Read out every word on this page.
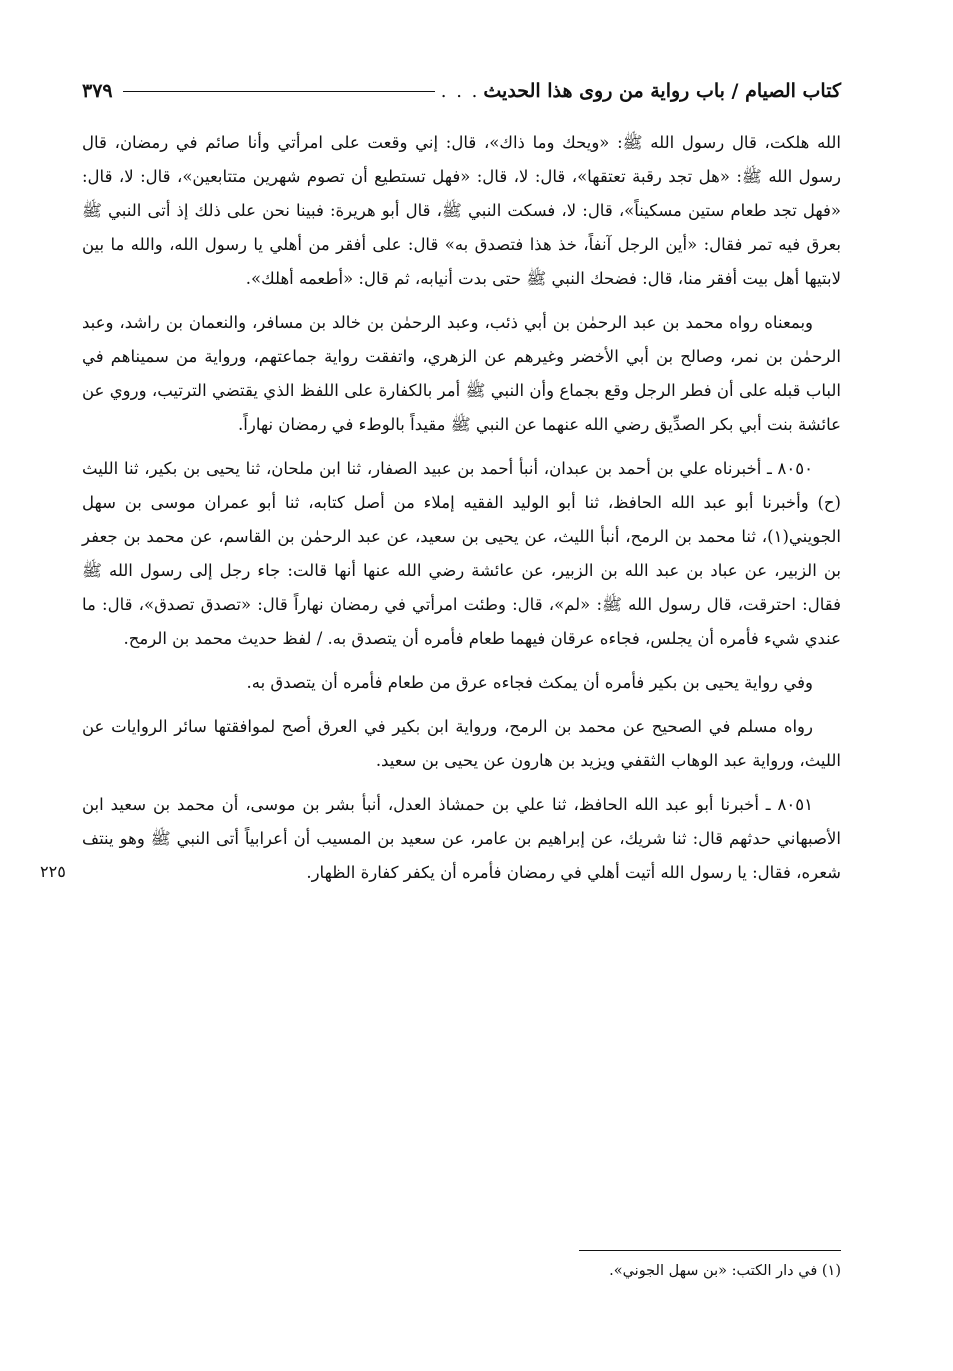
كتاب الصيام / باب رواية من روى هذا الحديث
. . .
٣٧٩

الله هلكت، قال رسول الله ﷺ: «ويحك وما ذاك»، قال: إني وقعت على امرأتي وأنا صائم في رمضان، قال رسول الله ﷺ: «هل تجد رقبة تعتقها»، قال: لا، قال: «فهل تستطيع أن تصوم شهرين متتابعين»، قال: لا، قال: «فهل تجد طعام ستين مسكيناً»، قال: لا، فسكت النبي ﷺ، قال أبو هريرة: فبينا نحن على ذلك إذ أتى النبي ﷺ بعرق فيه تمر فقال: «أين الرجل آنفاً، خذ هذا فتصدق به» قال: على أفقر من أهلي يا رسول الله، والله ما بين لابتيها أهل بيت أفقر منا، قال: فضحك النبي ﷺ حتى بدت أنيابه، ثم قال: «أطعمه أهلك».

وبمعناه رواه محمد بن عبد الرحمٰن بن أبي ذئب، وعبد الرحمٰن بن خالد بن مسافر، والنعمان بن راشد، وعبد الرحمٰن بن نمر، وصالح بن أبي الأخضر وغيرهم عن الزهري، واتفقت رواية جماعتهم، ورواية من سميناهم في الباب قبله على أن فطر الرجل وقع بجماع وأن النبي ﷺ أمر بالكفارة على اللفظ الذي يقتضي الترتيب، وروي عن عائشة بنت أبي بكر الصدِّيق رضي الله عنهما عن النبي ﷺ مقيداً بالوطء في رمضان نهاراً.

٨٠٥٠ ـ أخبرناه علي بن أحمد بن عبدان، أنبأ أحمد بن عبيد الصفار، ثنا ابن ملحان، ثنا يحيى بن بكير، ثنا الليث (ح) وأخبرنا أبو عبد الله الحافظ، ثنا أبو الوليد الفقيه إملاء من أصل كتابه، ثنا أبو عمران موسى بن سهل الجويني(١)، ثنا محمد بن الرمح، أنبأ الليث، عن يحيى بن سعيد، عن عبد الرحمٰن بن القاسم، عن محمد بن جعفر بن الزبير، عن عباد بن عبد الله بن الزبير، عن عائشة رضي الله عنها أنها قالت: جاء رجل إلى رسول الله ﷺ فقال: احترقت، قال رسول الله ﷺ: «لم»، قال: وطئت امرأتي في رمضان نهاراً قال: «تصدق تصدق»، قال: ما عندي شيء فأمره أن يجلس، فجاءه عرقان فيهما طعام فأمره أن يتصدق به. / لفظ حديث محمد بن الرمح.

وفي رواية يحيى بن بكير فأمره أن يمكث فجاءه عرق من طعام فأمره أن يتصدق به.

رواه مسلم في الصحيح عن محمد بن الرمح، ورواية ابن بكير في العرق أصح لموافقتها سائر الروايات عن الليث، ورواية عبد الوهاب الثقفي ويزيد بن هارون عن يحيى بن سعيد.

٨٠٥١ ـ أخبرنا أبو عبد الله الحافظ، ثنا علي بن حمشاذ العدل، أنبأ بشر بن موسى، أن محمد بن سعيد ابن الأصبهاني حدثهم قال: ثنا شريك، عن إبراهيم بن عامر، عن سعيد بن المسيب أن أعرابياً أتى النبي ﷺ وهو ينتف شعره، فقال: يا رسول الله أتيت أهلي في رمضان فأمره أن يكفر كفارة الظهار.

٢٢٥
(١) في دار الكتب: «بن سهل الجوني».
